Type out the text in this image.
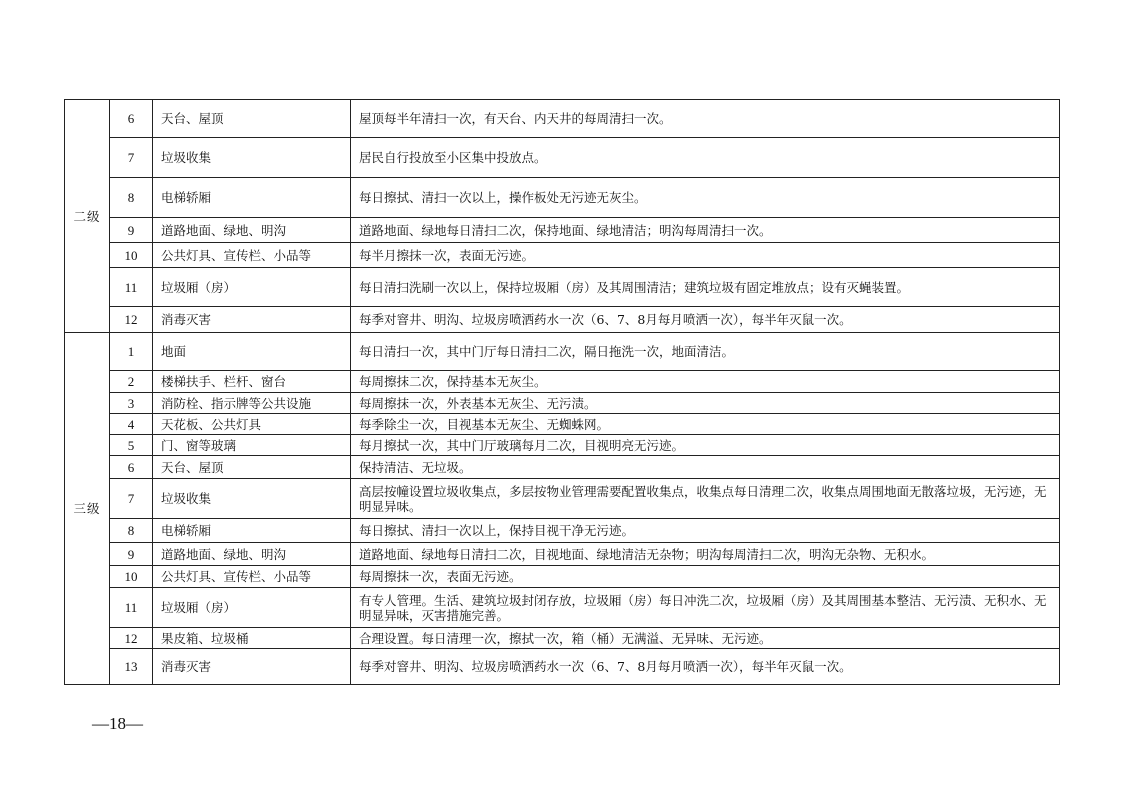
二级	6	天台、屋顶	屋顶每半年清扫一次，有天台、内天井的每周清扫一次。
	7	垃圾收集	居民自行投放至小区集中投放点。
	8	电梯轿厢	每日擦拭、清扫一次以上，操作板处无污迹无灰尘。
	9	道路地面、绿地、明沟	道路地面、绿地每日清扫二次，保持地面、绿地清洁；明沟每周清扫一次。
	10	公共灯具、宣传栏、小品等	每半月擦抹一次，表面无污迹。
	11	垃圾厢（房）	每日清扫洗刷一次以上，保持垃圾厢（房）及其周围清洁；建筑垃圾有固定堆放点；设有灭蝇装置。
	12	消毒灭害	每季对窨井、明沟、垃圾房喷洒药水一次（6、7、8月每月喷洒一次），每半年灭鼠一次。
三级	1	地面	每日清扫一次，其中门厅每日清扫二次，隔日拖洗一次，地面清洁。
	2	楼梯扶手、栏杆、窗台	每周擦抹二次，保持基本无灰尘。
	3	消防栓、指示牌等公共设施	每周擦抹一次，外表基本无灰尘、无污渍。
	4	天花板、公共灯具	每季除尘一次，目视基本无灰尘、无蜘蛛网。
	5	门、窗等玻璃	每月擦拭一次，其中门厅玻璃每月二次，目视明亮无污迹。
	6	天台、屋顶	保持清洁、无垃圾。
	7	垃圾收集	高层按幢设置垃圾收集点，多层按物业管理需要配置收集点，收集点每日清理二次，收集点周围地面无散落垃圾，无污迹，无明显异味。
	8	电梯轿厢	每日擦拭、清扫一次以上，保持目视干净无污迹。
	9	道路地面、绿地、明沟	道路地面、绿地每日清扫二次，目视地面、绿地清洁无杂物；明沟每周清扫二次，明沟无杂物、无积水。
	10	公共灯具、宣传栏、小品等	每周擦抹一次，表面无污迹。
	11	垃圾厢（房）	有专人管理。生活、建筑垃圾封闭存放，垃圾厢（房）每日冲洗二次，垃圾厢（房）及其周围基本整洁、无污渍、无积水、无明显异味，灭害措施完善。
	12	果皮箱、垃圾桶	合理设置。每日清理一次，擦拭一次，箱（桶）无满溢、无异味、无污迹。
	13	消毒灭害	每季对窨井、明沟、垃圾房喷洒药水一次（6、7、8月每月喷洒一次），每半年灭鼠一次。
—18—
